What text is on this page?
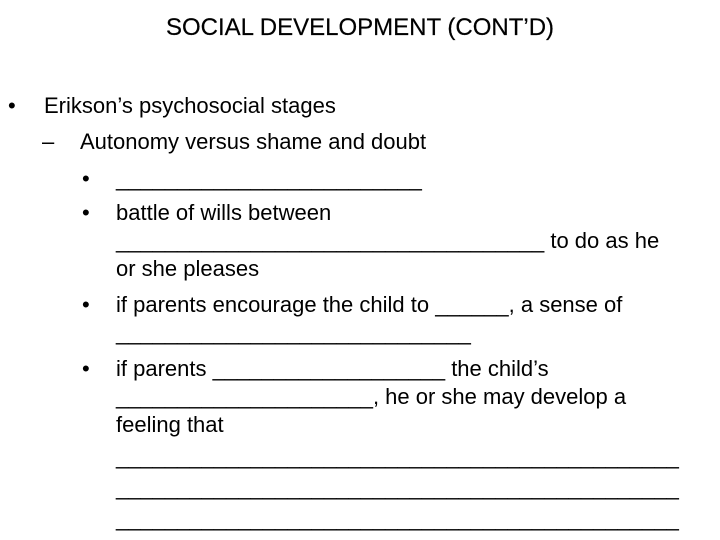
SOCIAL DEVELOPMENT (CONT’D)
• Erikson’s psychosocial stages
– Autonomy versus shame and doubt
• _________________________
• battle of wills between
___________________________________ to do as he
or she pleases
• if parents encourage the child to ______, a sense of
_____________________________
• if parents ___________________ the child’s
_____________________, he or she may develop a
feeling that
______________________________________________
______________________________________________
______________________________________________
